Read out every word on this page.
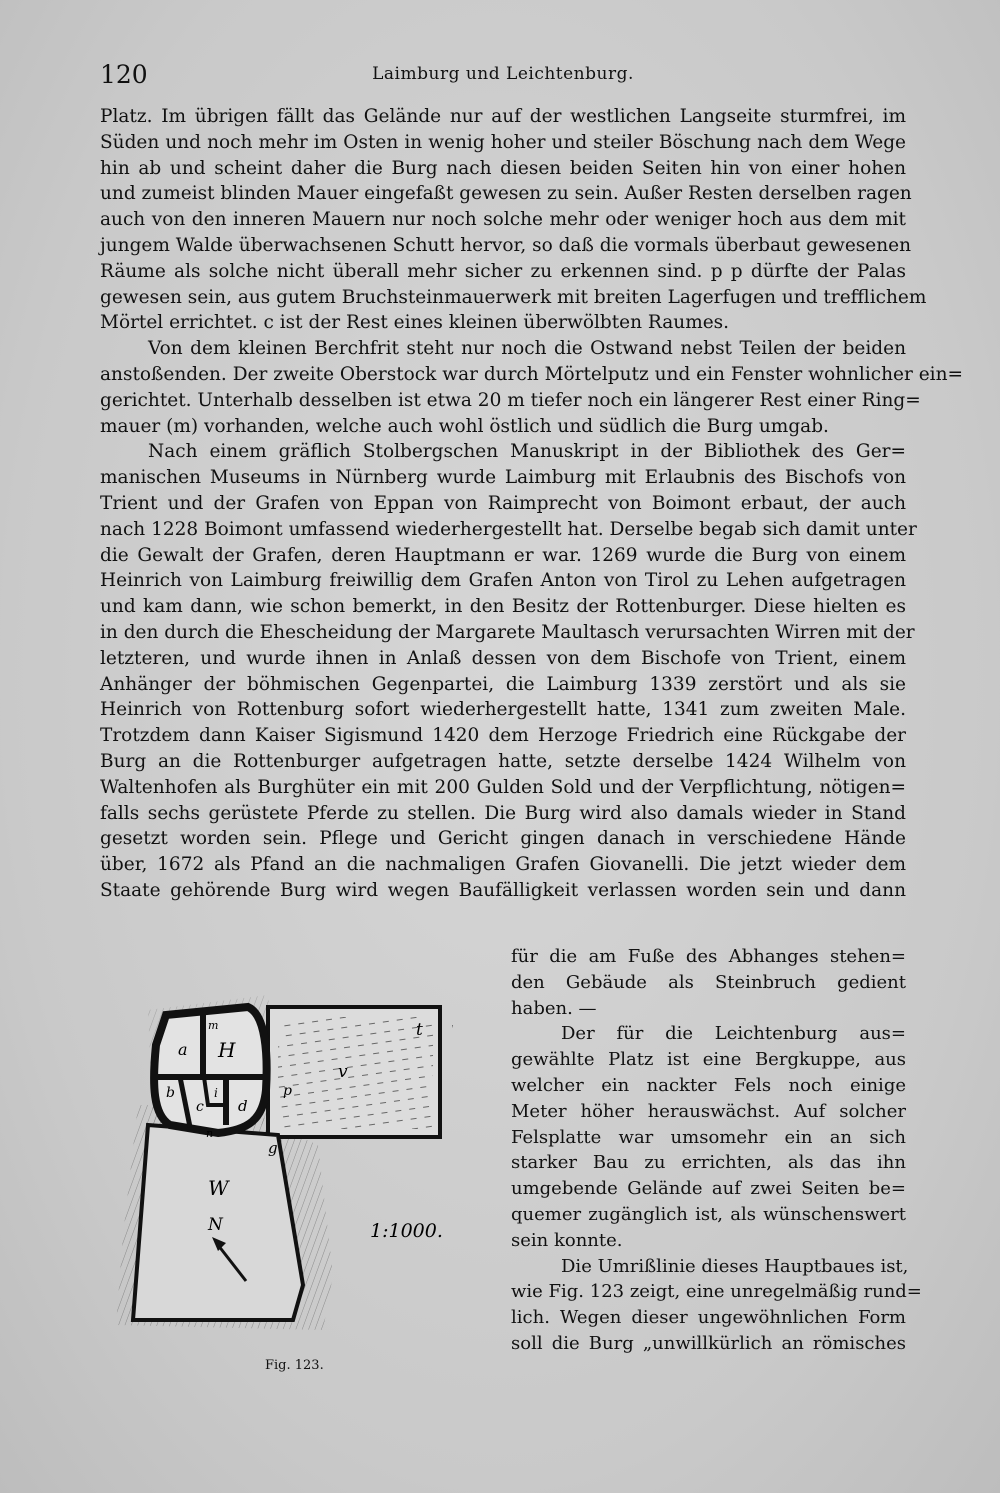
120	Laimburg und Leichtenburg.
Platz. Im übrigen fällt das Gelände nur auf der westlichen Langseite sturmfrei, im
Süden und noch mehr im Osten in wenig hoher und steiler Böschung nach dem Wege
hin ab und scheint daher die Burg nach diesen beiden Seiten hin von einer hohen
und zumeist blinden Mauer eingefaßt gewesen zu sein. Außer Resten derselben ragen
auch von den inneren Mauern nur noch solche mehr oder weniger hoch aus dem mit
jungem Walde überwachsenen Schutt hervor, so daß die vormals überbaut gewesenen
Räume als solche nicht überall mehr sicher zu erkennen sind. p p dürfte der Palas
gewesen sein, aus gutem Bruchsteinmauerwerk mit breiten Lagerfugen und trefflichem
Mörtel errichtet. c ist der Rest eines kleinen überwölbten Raumes.
Von dem kleinen Berchfrit steht nur noch die Ostwand nebst Teilen der beiden
anstoßenden. Der zweite Oberstock war durch Mörtelputz und ein Fenster wohnlicher ein=
gerichtet. Unterhalb desselben ist etwa 20 m tiefer noch ein längerer Rest einer Ring=
mauer (m) vorhanden, welche auch wohl östlich und südlich die Burg umgab.
Nach einem gräflich Stolbergschen Manuskript in der Bibliothek des Ger=
manischen Museums in Nürnberg wurde Laimburg mit Erlaubnis des Bischofs von
Trient und der Grafen von Eppan von Raimprecht von Boimont erbaut, der auch
nach 1228 Boimont umfassend wiederhergestellt hat. Derselbe begab sich damit unter
die Gewalt der Grafen, deren Hauptmann er war. 1269 wurde die Burg von einem
Heinrich von Laimburg freiwillig dem Grafen Anton von Tirol zu Lehen aufgetragen
und kam dann, wie schon bemerkt, in den Besitz der Rottenburger. Diese hielten es
in den durch die Ehescheidung der Margarete Maultasch verursachten Wirren mit der
letzteren, und wurde ihnen in Anlaß dessen von dem Bischofe von Trient, einem
Anhänger der böhmischen Gegenpartei, die Laimburg 1339 zerstört und als sie
Heinrich von Rottenburg sofort wiederhergestellt hatte, 1341 zum zweiten Male.
Trotzdem dann Kaiser Sigismund 1420 dem Herzoge Friedrich eine Rückgabe der
Burg an die Rottenburger aufgetragen hatte, setzte derselbe 1424 Wilhelm von
Waltenhofen als Burghüter ein mit 200 Gulden Sold und der Verpflichtung, nötigen=
falls sechs gerüstete Pferde zu stellen. Die Burg wird also damals wieder in Stand
gesetzt worden sein. Pflege und Gericht gingen danach in verschiedene Hände
über, 1672 als Pfand an die nachmaligen Grafen Giovanelli. Die jetzt wieder dem
Staate gehörende Burg wird wegen Baufälligkeit verlassen worden sein und dann
für die am Fuße des Abhanges stehen=
den Gebäude als Steinbruch gedient
haben. —
Der für die Leichtenburg aus=
gewählte Platz ist eine Bergkuppe, aus
welcher ein nackter Fels noch einige
Meter höher herauswächst. Auf solcher
Felsplatte war umsomehr ein an sich
starker Bau zu errichten, als das ihn
umgebende Gelände auf zwei Seiten be=
quemer zugänglich ist, als wünschenswert
sein konnte.
Die Umrißlinie dieses Hauptbaues ist,
wie Fig. 123 zeigt, eine unregelmäßig rund=
lich. Wegen dieser ungewöhnlichen Form
soll die Burg „unwillkürlich an römisches
a H
m
b
c d
i
n
g
p
v
t
W
N	1:1000.
Fig. 123.
